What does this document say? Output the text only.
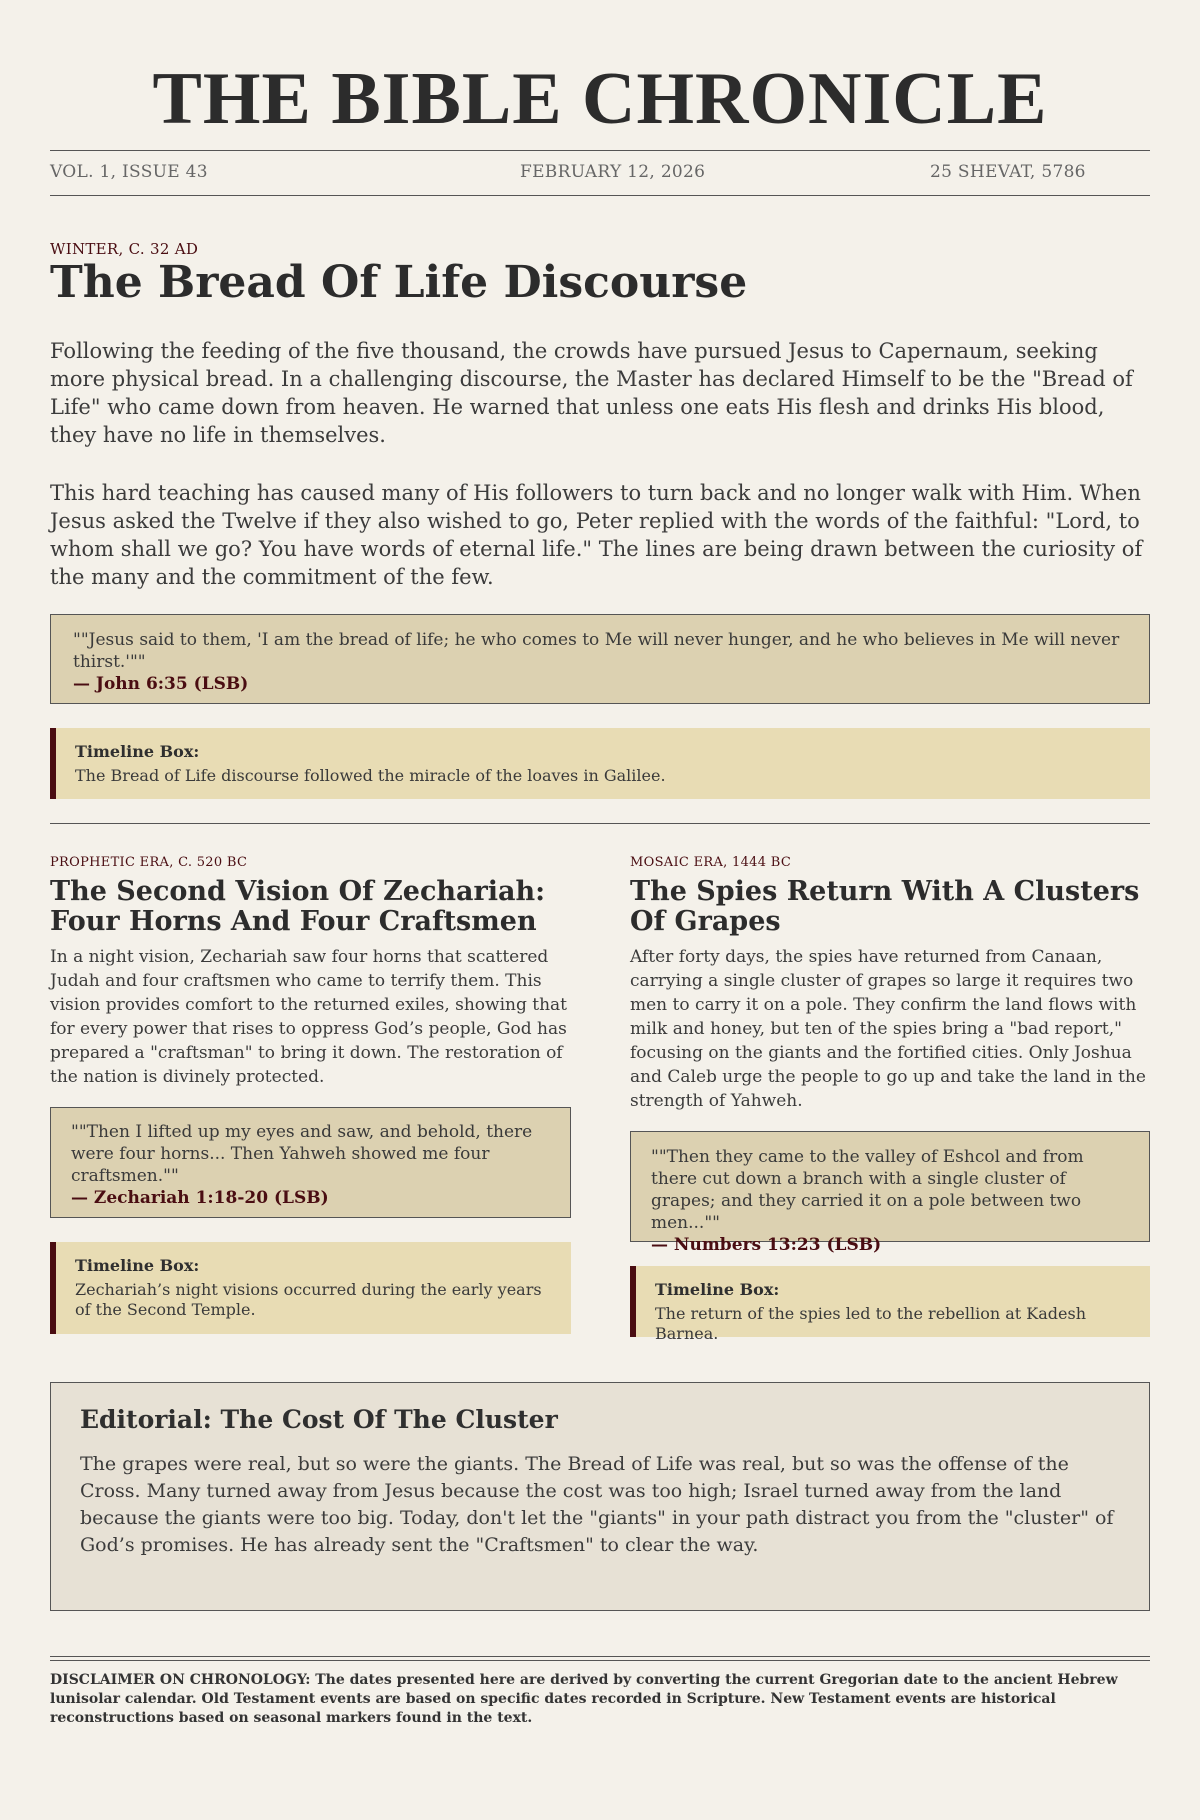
THE BIBLE CHRONICLE
VOL. 1, ISSUE 43	FEBRUARY 12, 2026	25 SHEVAT, 5786
WINTER, C. 32 AD
The Bread Of Life Discourse
Following the feeding of the five thousand, the crowds have pursued Jesus to Capernaum, seeking more physical bread. In a challenging discourse, the Master has declared Himself to be the "Bread of Life" who came down from heaven. He warned that unless one eats His flesh and drinks His blood, they have no life in themselves.
This hard teaching has caused many of His followers to turn back and no longer walk with Him. When Jesus asked the Twelve if they also wished to go, Peter replied with the words of the faithful: "Lord, to whom shall we go? You have words of eternal life." The lines are being drawn between the curiosity of the many and the commitment of the few.
""Jesus said to them, 'I am the bread of life; he who comes to Me will never hunger, and he who believes in Me will never thirst.'""
— John 6:35 (LSB)
Timeline Box:
The Bread of Life discourse followed the miracle of the loaves in Galilee.
PROPHETIC ERA, C. 520 BC
The Second Vision Of Zechariah: Four Horns And Four Craftsmen
In a night vision, Zechariah saw four horns that scattered Judah and four craftsmen who came to terrify them. This vision provides comfort to the returned exiles, showing that for every power that rises to oppress God’s people, God has prepared a "craftsman" to bring it down. The restoration of the nation is divinely protected.
""Then I lifted up my eyes and saw, and behold, there were four horns... Then Yahweh showed me four craftsmen.""
— Zechariah 1:18-20 (LSB)
Timeline Box:
Zechariah’s night visions occurred during the early years of the Second Temple.
MOSAIC ERA, 1444 BC
The Spies Return With A Clusters Of Grapes
After forty days, the spies have returned from Canaan, carrying a single cluster of grapes so large it requires two men to carry it on a pole. They confirm the land flows with milk and honey, but ten of the spies bring a "bad report," focusing on the giants and the fortified cities. Only Joshua and Caleb urge the people to go up and take the land in the strength of Yahweh.
""Then they came to the valley of Eshcol and from there cut down a branch with a single cluster of grapes; and they carried it on a pole between two men...""
— Numbers 13:23 (LSB)
Timeline Box:
The return of the spies led to the rebellion at Kadesh Barnea.
Editorial: The Cost Of The Cluster
The grapes were real, but so were the giants. The Bread of Life was real, but so was the offense of the Cross. Many turned away from Jesus because the cost was too high; Israel turned away from the land because the giants were too big. Today, don't let the "giants" in your path distract you from the "cluster" of God’s promises. He has already sent the "Craftsmen" to clear the way.
DISCLAIMER ON CHRONOLOGY: The dates presented here are derived by converting the current Gregorian date to the ancient Hebrew lunisolar calendar. Old Testament events are based on specific dates recorded in Scripture. New Testament events are historical reconstructions based on seasonal markers found in the text.
